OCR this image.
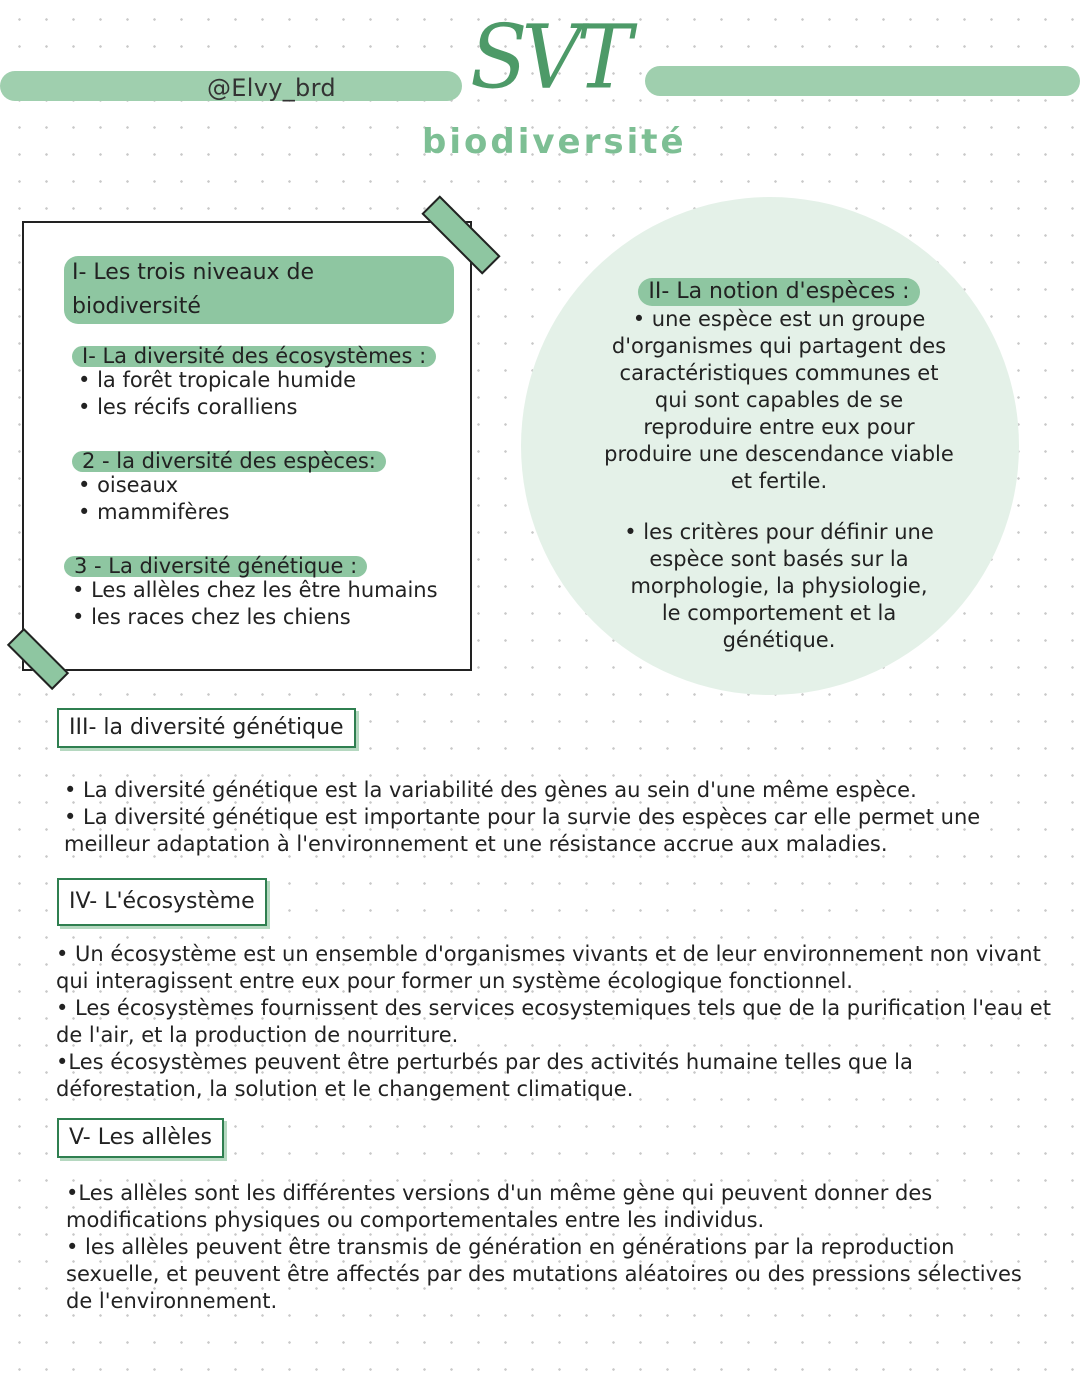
@Elvy_brd SVT
biodiversité
I- Les trois niveaux de biodiversité
I- La diversité des écosystèmes :
• la forêt tropicale humide
• les récifs coralliens
2 - la diversité des espèces:
• oiseaux
• mammifères
3 - La diversité génétique :
• Les allèles chez les être humains
• les races chez les chiens
II- La notion d'espèces :
• une espèce est un groupe d'organismes qui partagent des caractéristiques communes et qui sont capables de se reproduire entre eux pour produire une descendance viable et fertile.
• les critères pour définir une espèce sont basés sur la morphologie, la physiologie, le comportement et la génétique.
III- la diversité génétique
• La diversité génétique est la variabilité des gènes au sein d'une même espèce.
• La diversité génétique est importante pour la survie des espèces car elle permet une meilleur adaptation à l'environnement et une résistance accrue aux maladies.
IV- L'écosystème
• Un écosystème est un ensemble d'organismes vivants et de leur environnement non vivant qui interagissent entre eux pour former un système écologique fonctionnel.
• Les écosystèmes fournissent des services ecosystemiques tels que de la purification l'eau et de l'air, et la production de nourriture.
•Les écosystèmes peuvent être perturbés par des activités humaine telles que la déforestation, la solution et le changement climatique.
V- Les allèles
•Les allèles sont les différentes versions d'un même gène qui peuvent donner des modifications physiques ou comportementales entre les individus.
• les allèles peuvent être transmis de génération en générations par la reproduction sexuelle, et peuvent être affectés par des mutations aléatoires ou des pressions sélectives de l'environnement.
